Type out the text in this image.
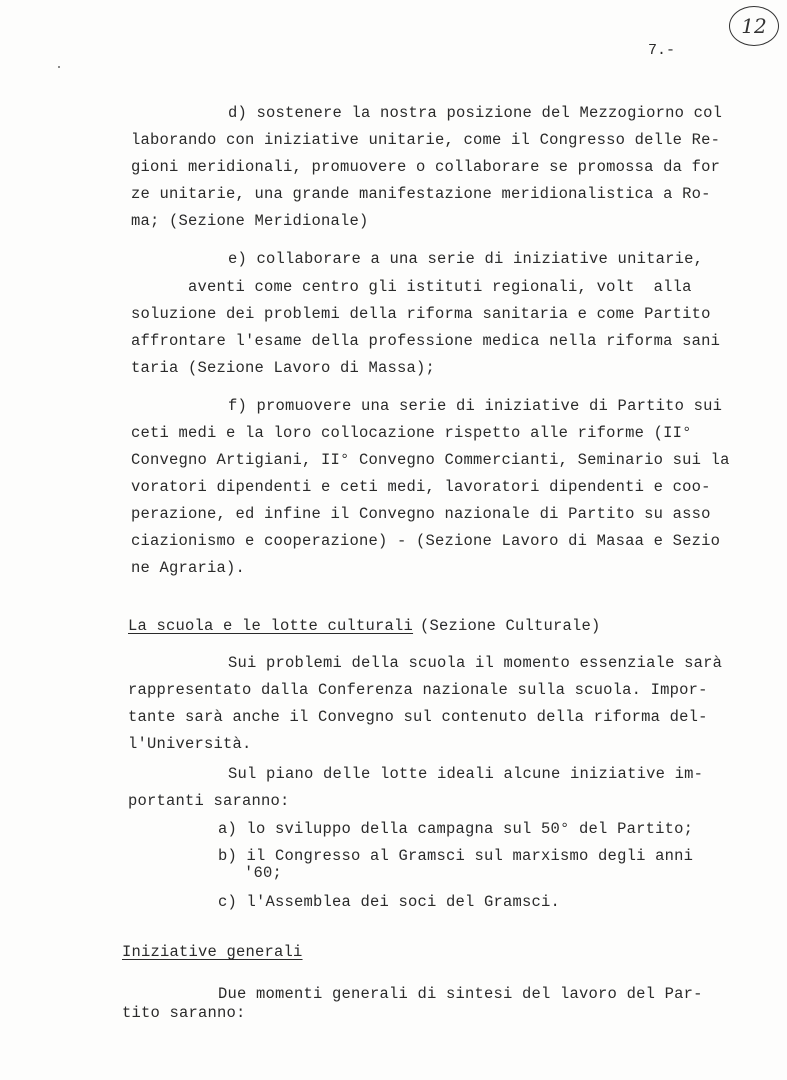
12
7.-
d) sostenere la nostra posizione del Mezzogiorno col
laborando con iniziative unitarie, come il Congresso delle Re-
gioni meridionali, promuovere o collaborare se promossa da for
ze unitarie, una grande manifestazione meridionalistica a Ro-
ma; (Sezione Meridionale)
e) collaborare a una serie di iniziative unitarie,
aventi come centro gli istituti regionali, volt  alla
soluzione dei problemi della riforma sanitaria e come Partito
affrontare l'esame della professione medica nella riforma sani
taria (Sezione Lavoro di Massa);
f) promuovere una serie di iniziative di Partito sui
ceti medi e la loro collocazione rispetto alle riforme (II°
Convegno Artigiani, II° Convegno Commercianti, Seminario sui la
voratori dipendenti e ceti medi, lavoratori dipendenti e coo-
perazione, ed infine il Convegno nazionale di Partito su asso
ciazionismo e cooperazione) - (Sezione Lavoro di Masaa e Sezio
ne Agraria).
La scuola e le lotte culturali (Sezione Culturale)
Sui problemi della scuola il momento essenziale sarà
rappresentato dalla Conferenza nazionale sulla scuola. Impor-
tante sarà anche il Convegno sul contenuto della riforma del-
l'Università.
Sul piano delle lotte ideali alcune iniziative im-
portanti saranno:
a) lo sviluppo della campagna sul 50° del Partito;
b) il Congresso al Gramsci sul marxismo degli anni
'60;
c) l'Assemblea dei soci del Gramsci.
Iniziative generali
Due momenti generali di sintesi del lavoro del Par-
tito saranno:
